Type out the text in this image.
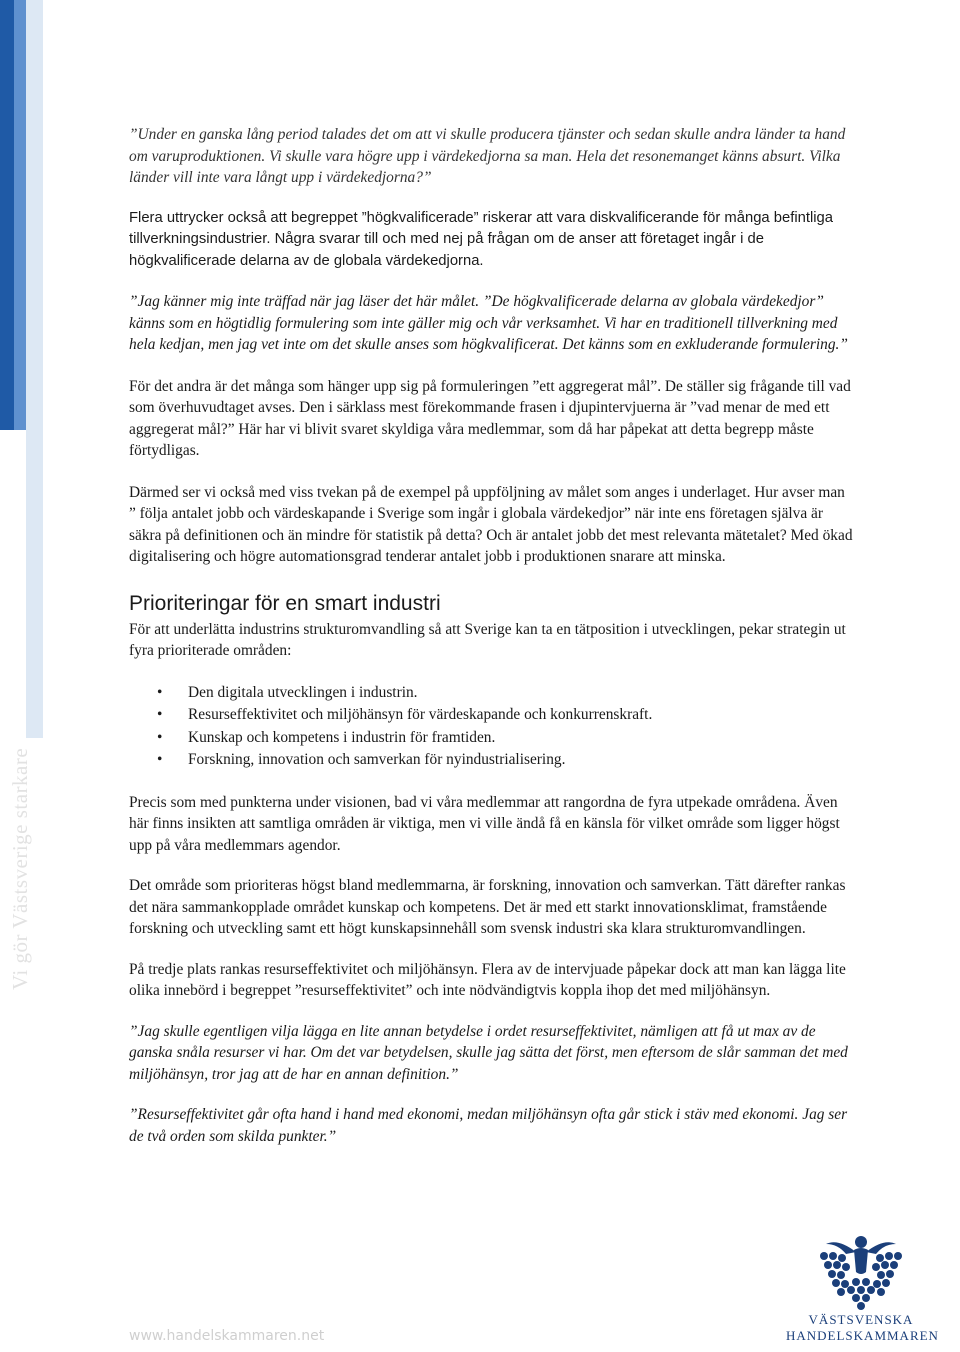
Vi gör Västsverige starkare

”Under en ganska lång period talades det om att vi skulle producera tjänster och sedan skulle andra länder ta hand om varuproduktionen. Vi skulle vara högre upp i värdekedjorna sa man. Hela det resonemanget känns absurt. Vilka länder vill inte vara långt upp i värdekedjorna?”

Flera uttrycker också att begreppet ”högkvalificerade” riskerar att vara diskvalificerande för många befintliga tillverkningsindustrier. Några svarar till och med nej på frågan om de anser att företaget ingår i de högkvalificerade delarna av de globala värdekedjorna.

”Jag känner mig inte träffad när jag läser det här målet. ”De högkvalificerade delarna av globala värdekedjor” känns som en högtidlig formulering som inte gäller mig och vår verksamhet. Vi har en traditionell tillverkning med hela kedjan, men jag vet inte om det skulle anses som högkvalificerat. Det känns som en exkluderande formulering.”

För det andra är det många som hänger upp sig på formuleringen ”ett aggregerat mål”. De ställer sig frågande till vad som överhuvudtaget avses. Den i särklass mest förekommande frasen i djupintervjuerna är ”vad menar de med ett aggregerat mål?” Här har vi blivit svaret skyldiga våra medlemmar, som då har påpekat att detta begrepp måste förtydligas.

Därmed ser vi också med viss tvekan på de exempel på uppföljning av målet som anges i underlaget. Hur avser man ” följa antalet jobb och värdeskapande i Sverige som ingår i globala värdekedjor” när inte ens företagen själva är säkra på definitionen och än mindre för statistik på detta? Och är antalet jobb det mest relevanta mätetalet? Med ökad digitalisering och högre automationsgrad tenderar antalet jobb i produktionen snarare att minska.

Prioriteringar för en smart industri

För att underlätta industrins strukturomvandling så att Sverige kan ta en tätposition i utvecklingen, pekar strategin ut fyra prioriterade områden:

• Den digitala utvecklingen i industrin.
• Resurseffektivitet och miljöhänsyn för värdeskapande och konkurrenskraft.
• Kunskap och kompetens i industrin för framtiden.
• Forskning, innovation och samverkan för nyindustrialisering.

Precis som med punkterna under visionen, bad vi våra medlemmar att rangordna de fyra utpekade områdena. Även här finns insikten att samtliga områden är viktiga, men vi ville ändå få en känsla för vilket område som ligger högst upp på våra medlemmars agendor.

Det område som prioriteras högst bland medlemmarna, är forskning, innovation och samverkan. Tätt därefter rankas det nära sammankopplade området kunskap och kompetens. Det är med ett starkt innovationsklimat, framstående forskning och utveckling samt ett högt kunskapsinnehåll som svensk industri ska klara strukturomvandlingen.

På tredje plats rankas resurseffektivitet och miljöhänsyn. Flera av de intervjuade påpekar dock att man kan lägga lite olika innebörd i begreppet ”resurseffektivitet” och inte nödvändigtvis koppla ihop det med miljöhänsyn.

”Jag skulle egentligen vilja lägga en lite annan betydelse i ordet resurseffektivitet, nämligen att få ut max av de ganska snåla resurser vi har. Om det var betydelsen, skulle jag sätta det först, men eftersom de slår samman det med miljöhänsyn, tror jag att de har en annan definition.”

”Resurseffektivitet går ofta hand i hand med ekonomi, medan miljöhänsyn ofta går stick i stäv med ekonomi. Jag ser de två orden som skilda punkter.”

www.handelskammaren.net
VÄSTSVENSKA
HANDELSKAMMAREN
